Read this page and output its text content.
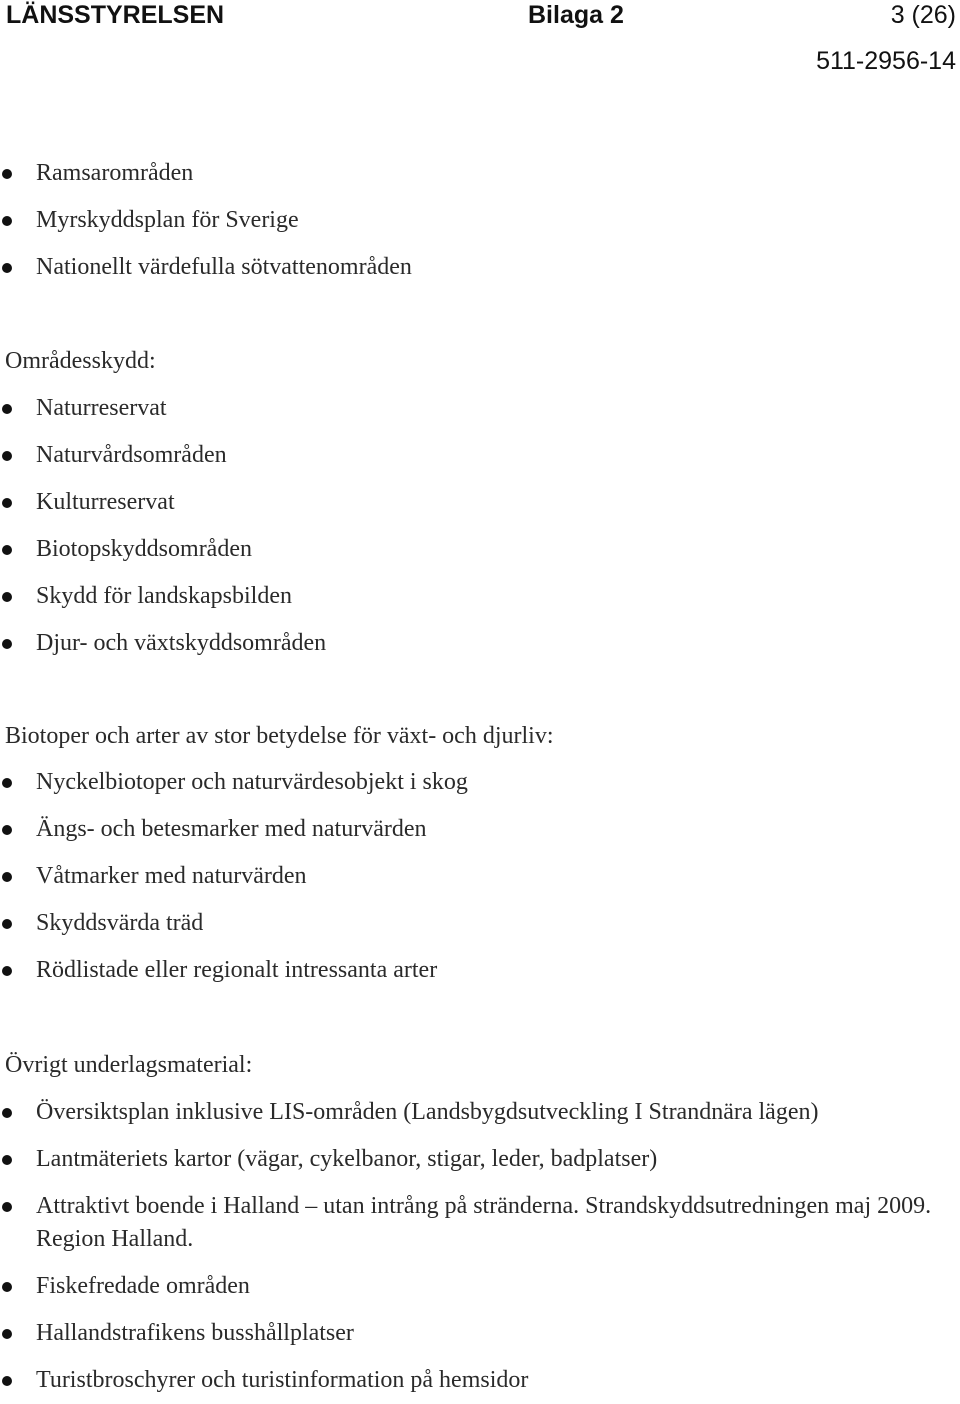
LÄNSSTYRELSEN	Bilaga 2	3 (26)
511-2956-14
Ramsarområden
Myrskyddsplan för Sverige
Nationellt värdefulla sötvattenområden
Områdesskydd:
Naturreservat
Naturvårdsområden
Kulturreservat
Biotopskyddsområden
Skydd för landskapsbilden
Djur- och växtskyddsområden
Biotoper och arter av stor betydelse för växt- och djurliv:
Nyckelbiotoper och naturvärdesobjekt i skog
Ängs- och betesmarker med naturvärden
Våtmarker med naturvärden
Skyddsvärda träd
Rödlistade eller regionalt intressanta arter
Övrigt underlagsmaterial:
Översiktsplan inklusive LIS-områden (Landsbygdsutveckling I Strandnära lägen)
Lantmäteriets kartor (vägar, cykelbanor, stigar, leder, badplatser)
Attraktivt boende i Halland – utan intrång på stränderna. Strandskyddsutredningen maj 2009. Region Halland.
Fiskefredade områden
Hallandstrafikens busshållplatser
Turistbroschyrer och turistinformation på hemsidor
